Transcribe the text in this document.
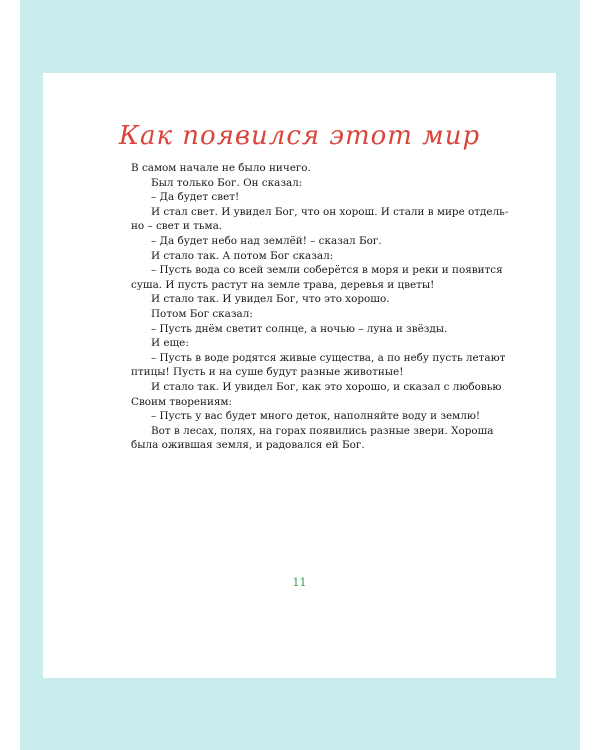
Как появился этот мир
В самом начале не было ничего.
Был только Бог. Он сказал:
– Да будет свет!
И стал свет. И увидел Бог, что он хорош. И стали в мире отдель-
но – свет и тьма.
– Да будет небо над землёй! – сказал Бог.
И стало так. А потом Бог сказал:
– Пусть вода со всей земли соберётся в моря и реки и появится
суша. И пусть растут на земле трава, деревья и цветы!
И стало так. И увидел Бог, что это хорошо.
Потом Бог сказал:
– Пусть днём светит солнце, а ночью – луна и звёзды.
И еще:
– Пусть в воде родятся живые существа, а по небу пусть летают
птицы! Пусть и на суше будут разные животные!
И стало так. И увидел Бог, как это хорошо, и сказал с любовью
Своим творениям:
– Пусть у вас будет много деток, наполняйте воду и землю!
Вот в лесах, полях, на горах появились разные звери. Хороша
была ожившая земля, и радовался ей Бог.
11
